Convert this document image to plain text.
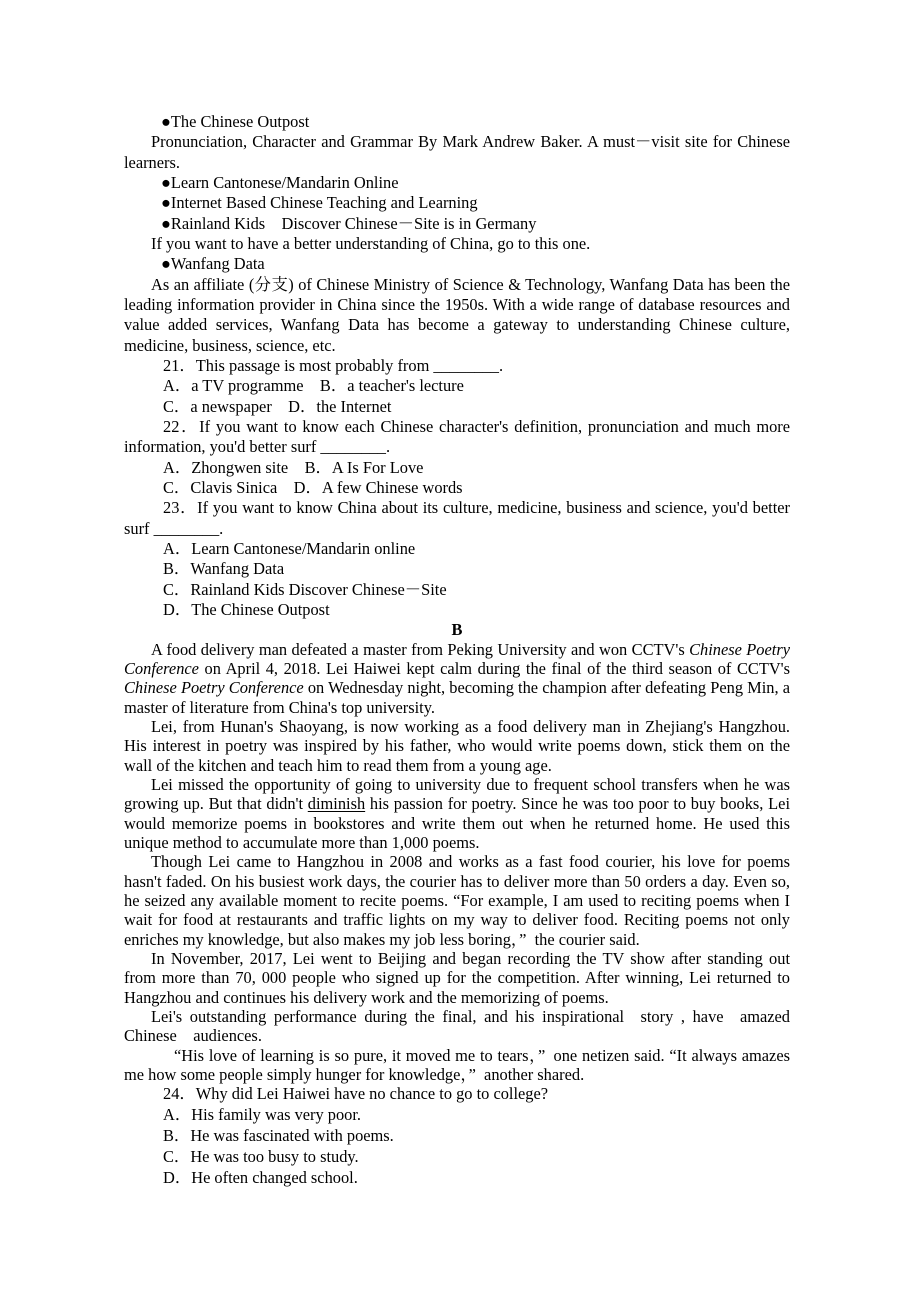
●The Chinese Outpost
Pronunciation, Character and Grammar By Mark Andrew Baker. A must－visit site for Chinese learners.
●Learn Cantonese/Mandarin Online
●Internet Based Chinese Teaching and Learning
●Rainland Kids　Discover Chinese－Site is in Germany
If you want to have a better understanding of China, go to this one.
●Wanfang Data
As an affiliate (分支) of Chinese Ministry of Science & Technology, Wanfang Data has been the leading information provider in China since the 1950s. With a wide range of database resources and value added services, Wanfang Data has become a gateway to understanding Chinese culture, medicine, business, science, etc.
21．This passage is most probably from ________.
A．a TV programme　B．a teacher's lecture
C．a newspaper　D．the Internet
22．If you want to know each Chinese character's definition, pronunciation and much more information, you'd better surf ________.
A．Zhongwen site　B．A Is For Love
C．Clavis Sinica　D．A few Chinese words
23．If you want to know China about its culture, medicine, business and science, you'd better surf ________.
A．Learn Cantonese/Mandarin online
B．Wanfang Data
C．Rainland Kids Discover Chinese－Site
D．The Chinese Outpost
B
A food delivery man defeated a master from Peking University and won CCTV's Chinese Poetry Conference on April 4, 2018. Lei Haiwei kept calm during the final of the third season of CCTV's Chinese Poetry Conference on Wednesday night, becoming the champion after defeating Peng Min, a master of literature from China's top university.
Lei, from Hunan's Shaoyang, is now working as a food delivery man in Zhejiang's Hangzhou. His interest in poetry was inspired by his father, who would write poems down, stick them on the wall of the kitchen and teach him to read them from a young age.
Lei missed the opportunity of going to university due to frequent school transfers when he was growing up. But that didn't diminish his passion for poetry. Since he was too poor to buy books, Lei would memorize poems in bookstores and write them out when he returned home. He used this unique method to accumulate more than 1,000 poems.
Though Lei came to Hangzhou in 2008 and works as a fast food courier, his love for poems hasn't faded. On his busiest work days, the courier has to deliver more than 50 orders a day. Even so, he seized any available moment to recite poems. “For example, I am used to reciting poems when I wait for food at restaurants and traffic lights on my way to deliver food. Reciting poems not only enriches my knowledge, but also makes my job less boring，” the courier said.
In November, 2017, Lei went to Beijing and began recording the TV show after standing out from more than 70, 000 people who signed up for the competition. After winning, Lei returned to Hangzhou and continues his delivery work and the memorizing of poems.
Lei's outstanding performance during the final, and his inspirational story , have amazed Chinese audiences.
“His love of learning is so pure, it moved me to tears，” one netizen said. “It always amazes me how some people simply hunger for knowledge，” another shared.
24．Why did Lei Haiwei have no chance to go to college?
A．His family was very poor.
B．He was fascinated with poems.
C．He was too busy to study.
D．He often changed school.
